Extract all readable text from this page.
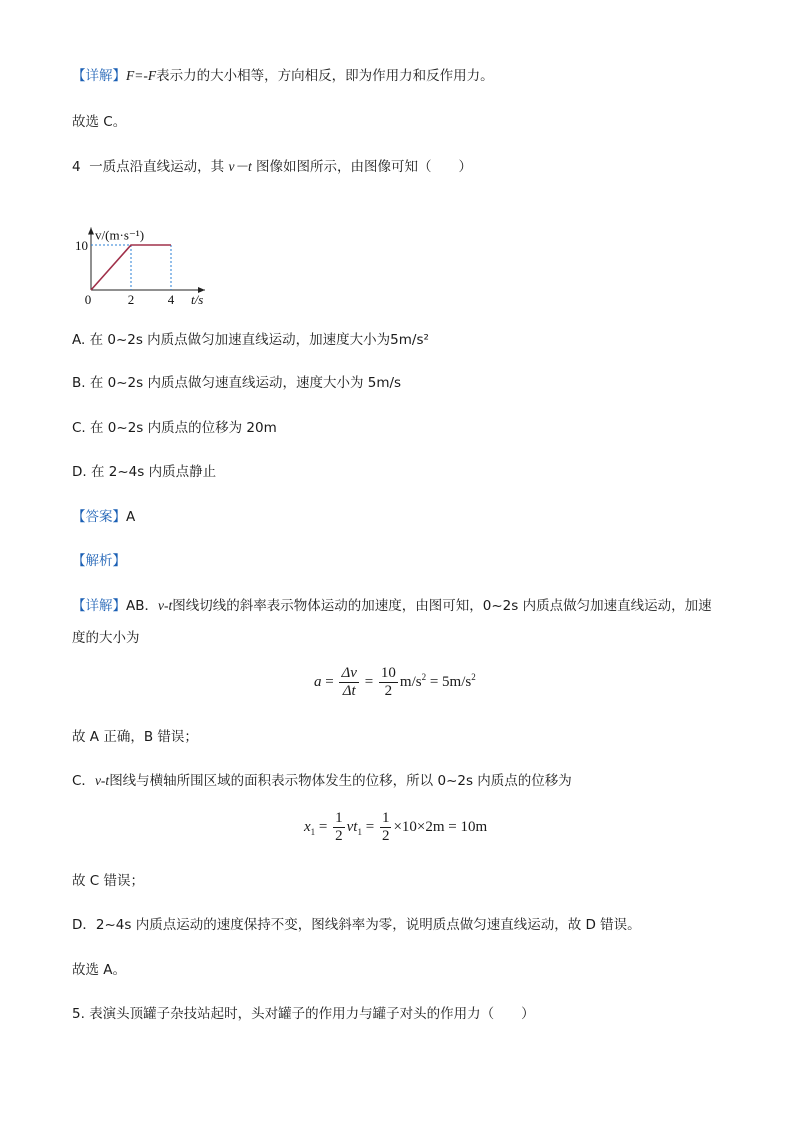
【详解】F=-F表示力的大小相等，方向相反，即为作用力和反作用力。
故选 C。
4 一质点沿直线运动，其 v－t 图像如图所示，由图像可知（　　）
0	2	4
10
t/s
v/(m·s⁻¹)
A. 在 0~2s 内质点做匀加速直线运动，加速度大小为5m/s²
B. 在 0~2s 内质点做匀速直线运动，速度大小为 5m/s
C. 在 0~2s 内质点的位移为 20m
D. 在 2~4s 内质点静止
【答案】A
【解析】
【详解】AB．v-t图线切线的斜率表示物体运动的加速度，由图可知，0~2s 内质点做匀加速直线运动，加速
度的大小为
$a = \frac{\Delta v}{\Delta t} = \frac{10}{2} m/s^2 = 5m/s^2$
故 A 正确，B 错误；
C．v-t图线与横轴所围区域的面积表示物体发生的位移，所以 0~2s 内质点的位移为
$x_1 = \frac{1}{2} vt_1 = \frac{1}{2} \times 10\times 2m = 10m$
故 C 错误；
D．2~4s 内质点运动的速度保持不变，图线斜率为零，说明质点做匀速直线运动，故 D 错误。
故选 A。
5. 表演头顶罐子杂技站起时，头对罐子的作用力与罐子对头的作用力（　　）
